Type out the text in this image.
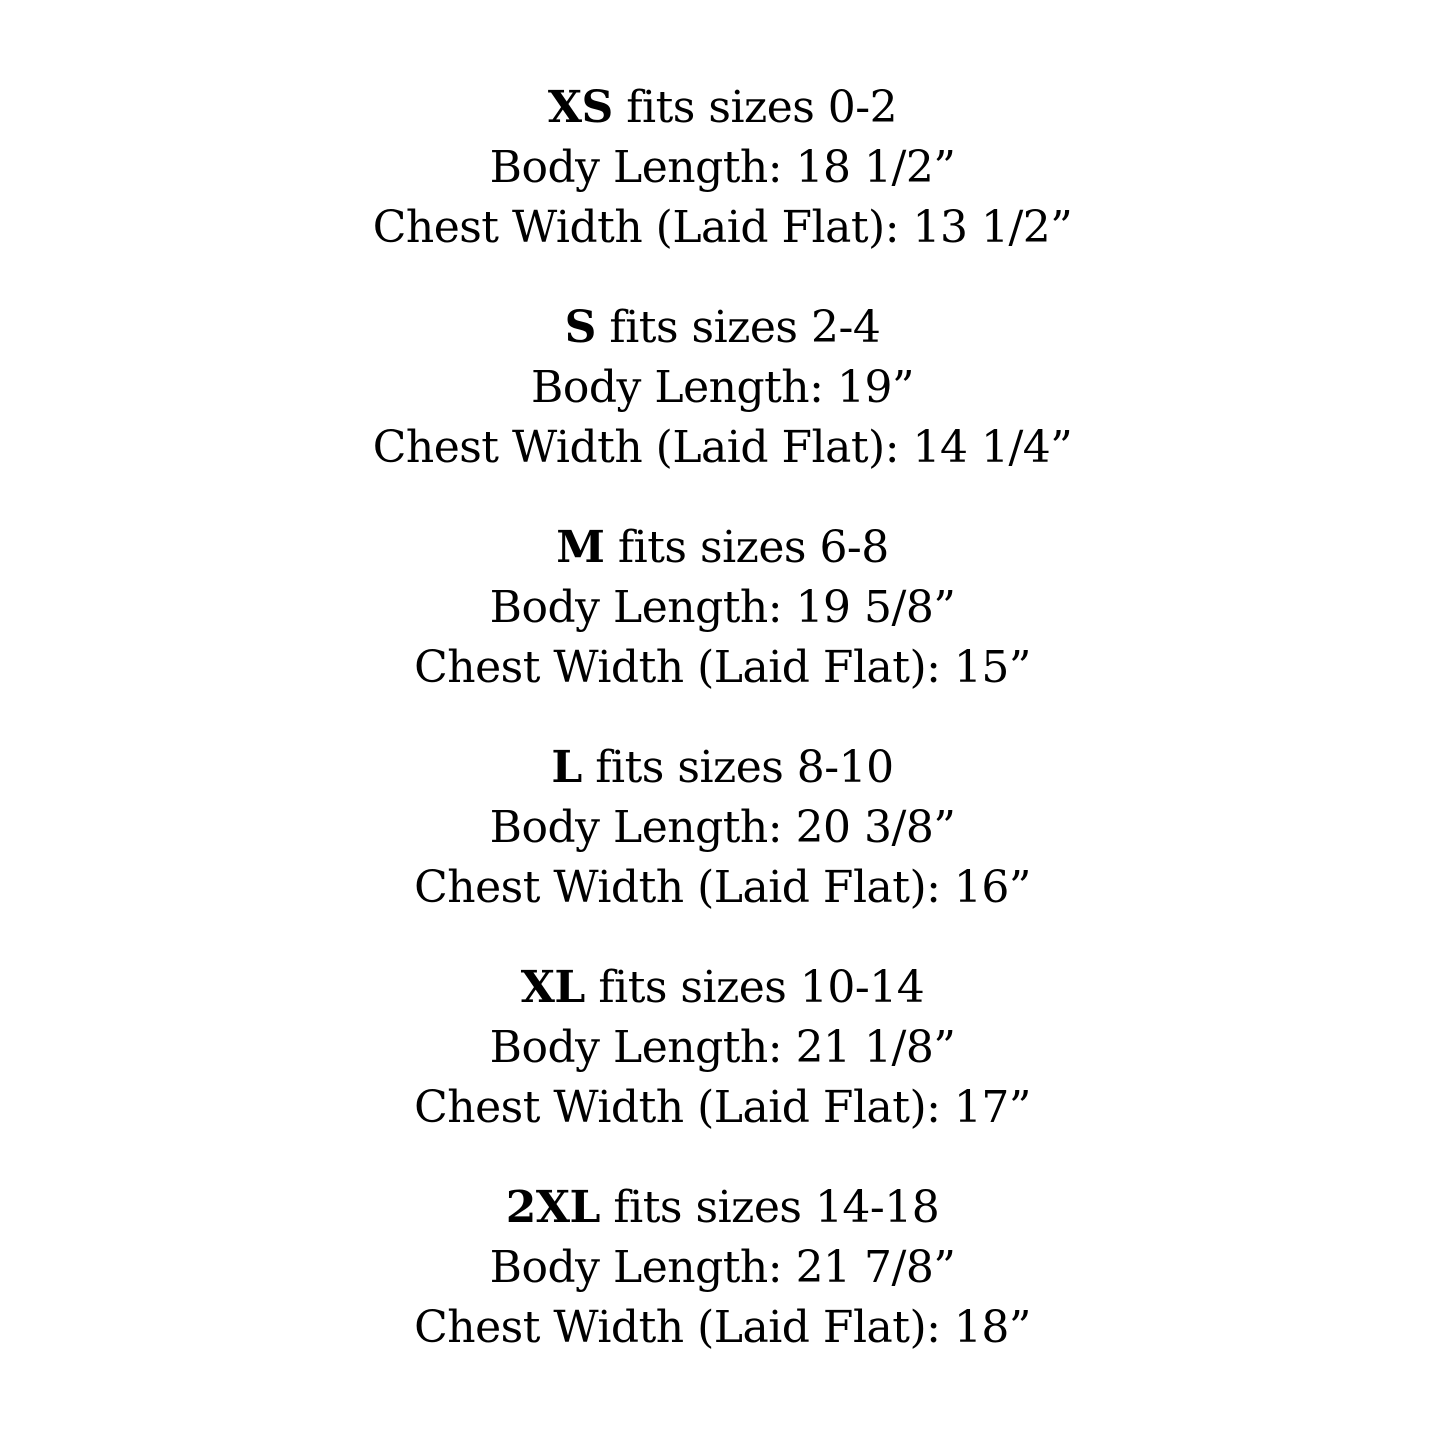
XS fits sizes 0-2
Body Length: 18 1/2”
Chest Width (Laid Flat): 13 1/2”
S fits sizes 2-4
Body Length: 19”
Chest Width (Laid Flat): 14 1/4”
M fits sizes 6-8
Body Length: 19 5/8”
Chest Width (Laid Flat): 15”
L fits sizes 8-10
Body Length: 20 3/8”
Chest Width (Laid Flat): 16”
XL fits sizes 10-14
Body Length: 21 1/8”
Chest Width (Laid Flat): 17”
2XL fits sizes 14-18
Body Length: 21 7/8”
Chest Width (Laid Flat): 18”
